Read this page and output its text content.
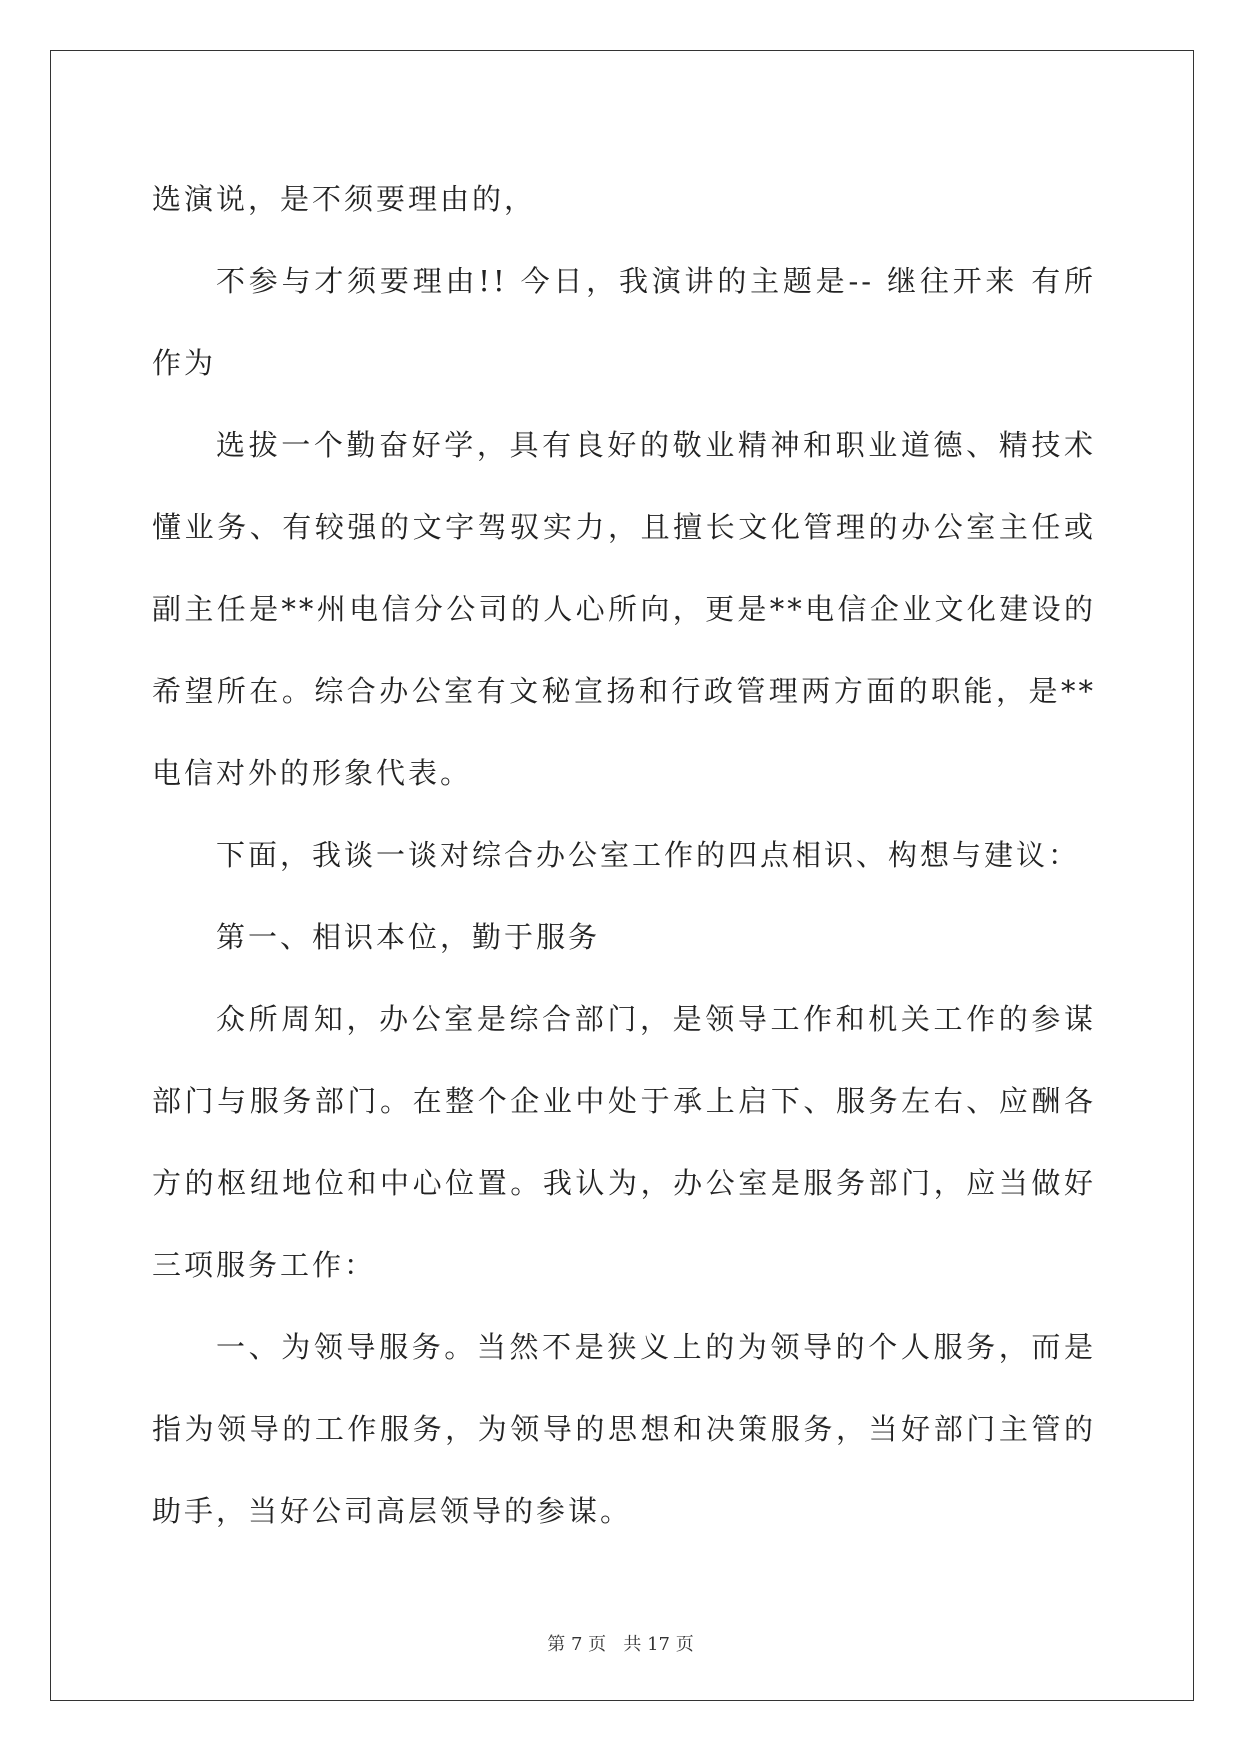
选演说，是不须要理由的，

不参与才须要理由!! 今日，我演讲的主题是-- 继往开来 有所作为

选拔一个勤奋好学，具有良好的敬业精神和职业道德、精技术懂业务、有较强的文字驾驭实力，且擅长文化管理的办公室主任或副主任是**州电信分公司的人心所向，更是**电信企业文化建设的希望所在。综合办公室有文秘宣扬和行政管理两方面的职能，是**电信对外的形象代表。

下面，我谈一谈对综合办公室工作的四点相识、构想与建议：

第一、相识本位，勤于服务

众所周知，办公室是综合部门，是领导工作和机关工作的参谋部门与服务部门。在整个企业中处于承上启下、服务左右、应酬各方的枢纽地位和中心位置。我认为，办公室是服务部门，应当做好三项服务工作：

一、为领导服务。当然不是狭义上的为领导的个人服务，而是指为领导的工作服务，为领导的思想和决策服务，当好部门主管的助手，当好公司高层领导的参谋。

第 7 页 共 17 页
